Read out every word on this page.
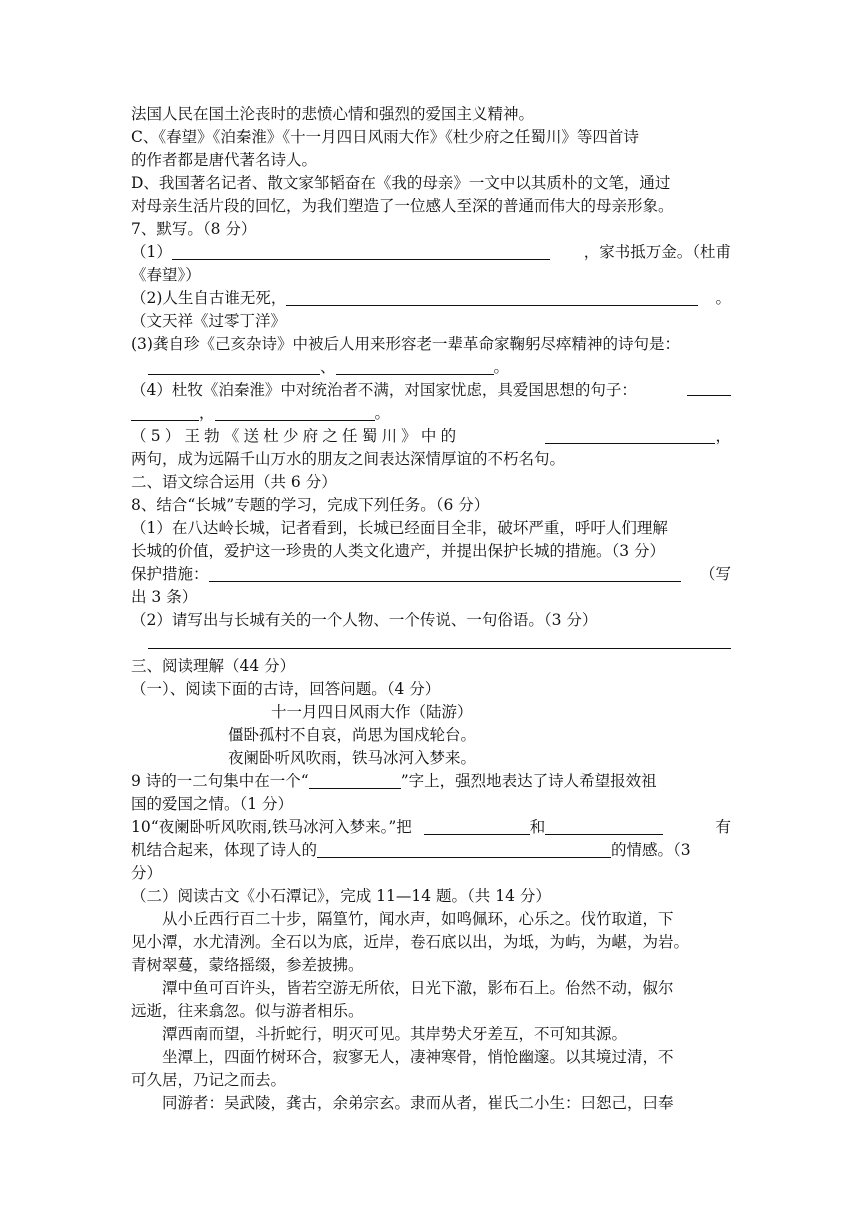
法国人民在国土沦丧时的悲愤心情和强烈的爱国主义精神。
C、《春望》《泊秦淮》《十一月四日风雨大作》《杜少府之任蜀川》等四首诗
的作者都是唐代著名诗人。
D、我国著名记者、散文家邹韬奋在《我的母亲》一文中以其质朴的文笔，通过
对母亲生活片段的回忆，为我们塑造了一位感人至深的普通而伟大的母亲形象。
7、默写。（8 分）
（1）	，家书抵万金。（杜甫
《春望》）
（2)人生自古谁无死，	。
（文天祥《过零丁洋》
(3)龚自珍《己亥杂诗》中被后人用来形容老一辈革命家鞠躬尽瘁精神的诗句是：
、	。
（4）杜牧《泊秦淮》中对统治者不满，对国家忧虑，具爱国思想的句子：
，	。
（5）王勃《送杜少府之任蜀川》中的	，
两句，成为远隔千山万水的朋友之间表达深情厚谊的不朽名句。
二、语文综合运用（共 6 分）
8、结合“长城”专题的学习，完成下列任务。（6 分）
（1）在八达岭长城，记者看到，长城已经面目全非，破坏严重，呼吁人们理解
长城的价值，爱护这一珍贵的人类文化遗产，并提出保护长城的措施。（3 分）
保护措施：	（写
出 3 条）
（2）请写出与长城有关的一个人物、一个传说、一句俗语。（3 分）
三、阅读理解（44 分）
（一）、阅读下面的古诗，回答问题。（4 分）
十一月四日风雨大作（陆游）
僵卧孤村不自哀，尚思为国戍轮台。
夜阑卧听风吹雨，铁马冰河入梦来。
9 诗的一二句集中在一个“	”字上，强烈地表达了诗人希望报效祖
国的爱国之情。（1 分）
10“夜阑卧听风吹雨,铁马冰河入梦来。”把	和	有
机结合起来，体现了诗人的	的情感。（3
分）
（二）阅读古文《小石潭记》，完成 11—14 题。（共 14 分）
从小丘西行百二十步，隔篁竹，闻水声，如鸣佩环，心乐之。伐竹取道，下
见小潭，水尤清洌。全石以为底，近岸，卷石底以出，为坻，为屿，为嵁，为岩。
青树翠蔓，蒙络摇缀，参差披拂。
潭中鱼可百许头，皆若空游无所依，日光下澈，影布石上。佁然不动，俶尔
远逝，往来翕忽。似与游者相乐。
潭西南而望，斗折蛇行，明灭可见。其岸势犬牙差互，不可知其源。
坐潭上，四面竹树环合，寂寥无人，凄神寒骨，悄怆幽邃。以其境过清，不
可久居，乃记之而去。
同游者：吴武陵，龚古，余弟宗玄。隶而从者，崔氏二小生：曰恕己，曰奉
